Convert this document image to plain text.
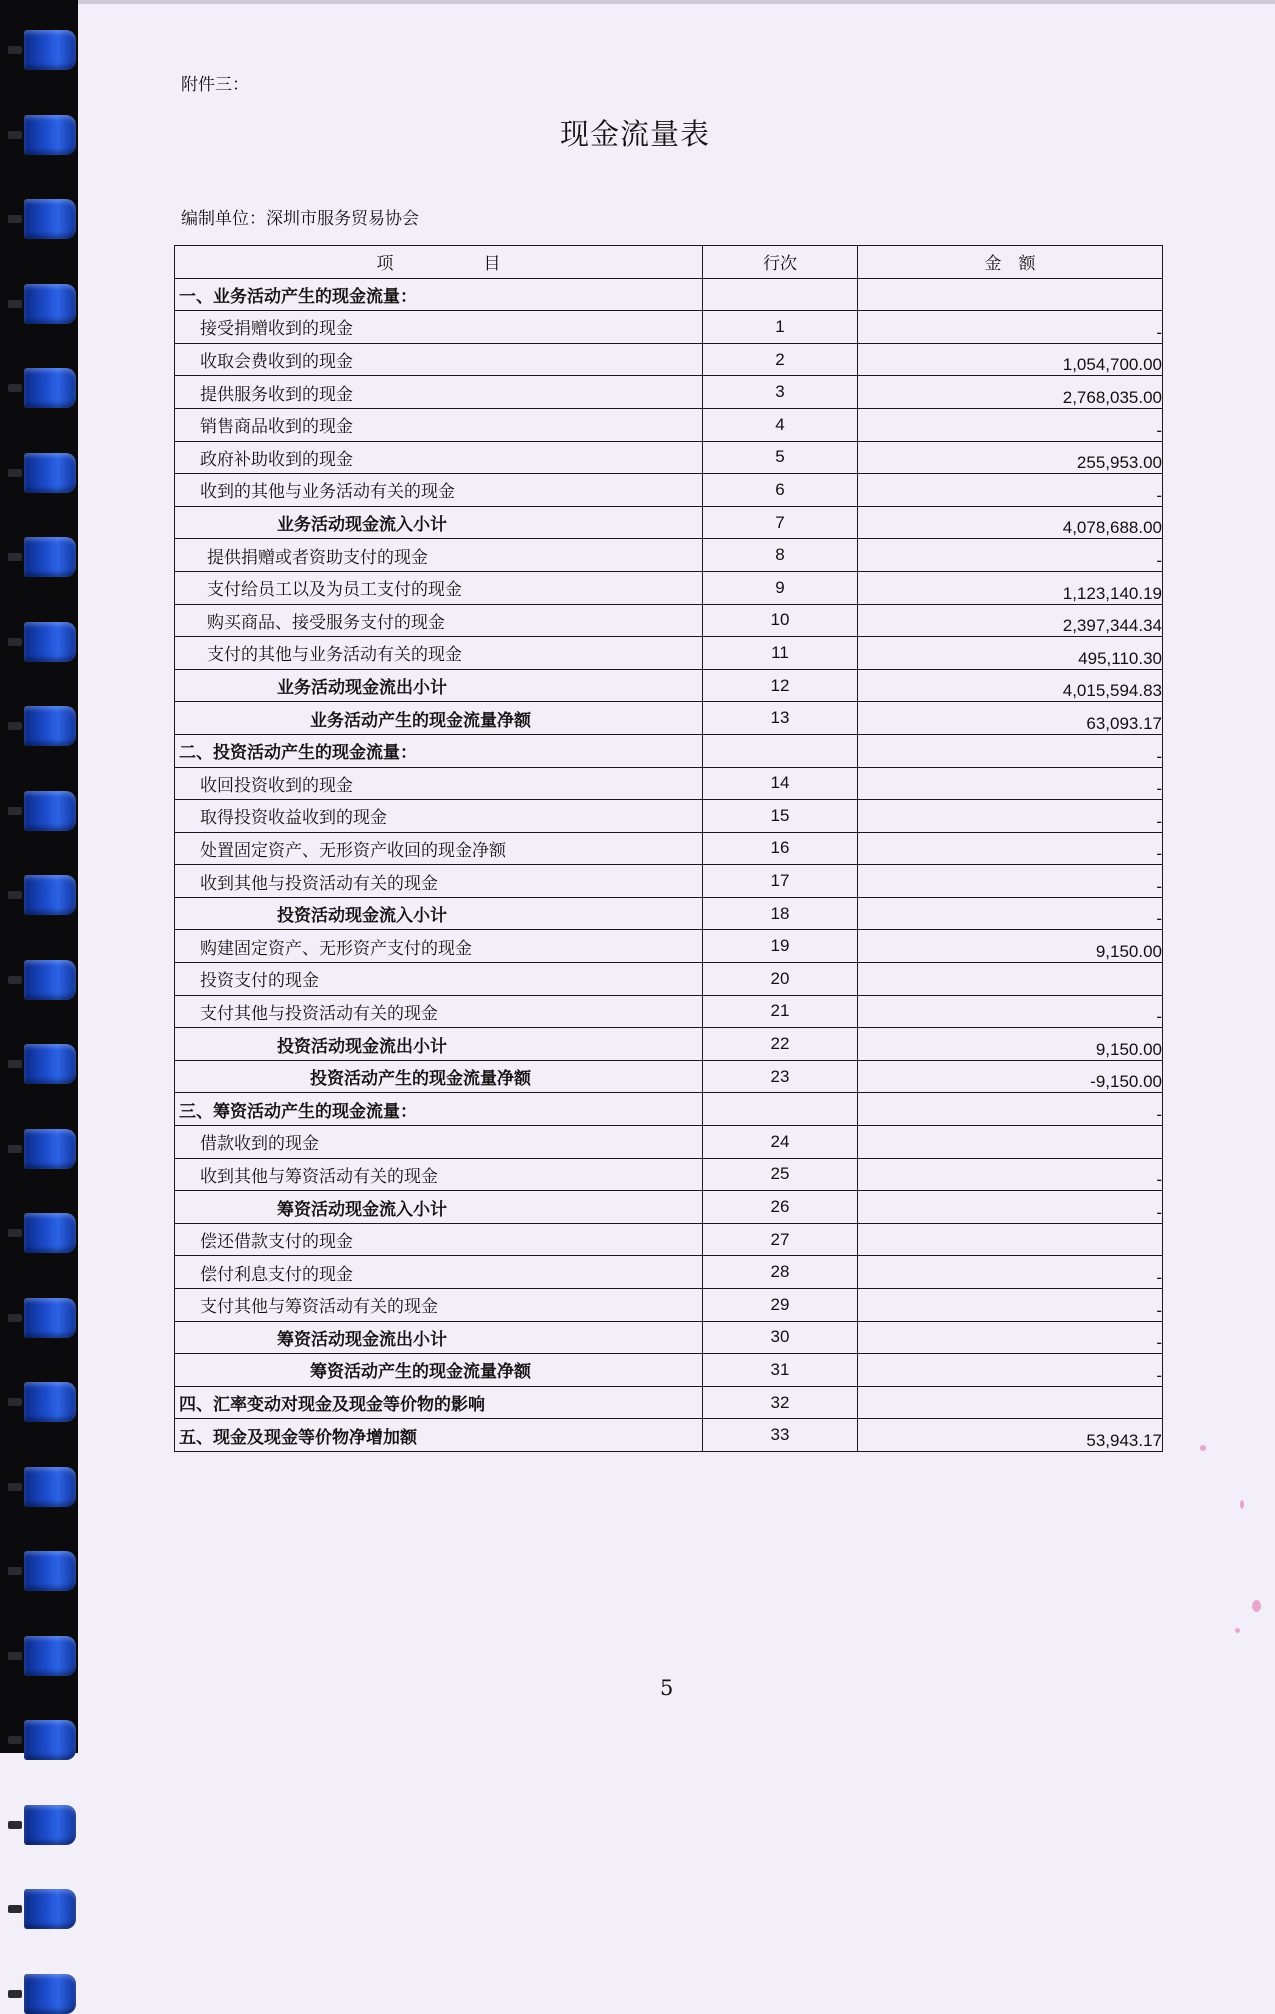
附件三：
现金流量表
编制单位：深圳市服务贸易协会
项 目	行次	金　额
一、业务活动产生的现金流量：		
接受捐赠收到的现金	1	-
收取会费收到的现金	2	1,054,700.00
提供服务收到的现金	3	2,768,035.00
销售商品收到的现金	4	-
政府补助收到的现金	5	255,953.00
收到的其他与业务活动有关的现金	6	-
业务活动现金流入小计	7	4,078,688.00
提供捐赠或者资助支付的现金	8	-
支付给员工以及为员工支付的现金	9	1,123,140.19
购买商品、接受服务支付的现金	10	2,397,344.34
支付的其他与业务活动有关的现金	11	495,110.30
业务活动现金流出小计	12	4,015,594.83
业务活动产生的现金流量净额	13	63,093.17
二、投资活动产生的现金流量：		-
收回投资收到的现金	14	-
取得投资收益收到的现金	15	-
处置固定资产、无形资产收回的现金净额	16	-
收到其他与投资活动有关的现金	17	-
投资活动现金流入小计	18	-
购建固定资产、无形资产支付的现金	19	9,150.00
投资支付的现金	20	
支付其他与投资活动有关的现金	21	-
投资活动现金流出小计	22	9,150.00
投资活动产生的现金流量净额	23	-9,150.00
三、筹资活动产生的现金流量：		-
借款收到的现金	24	
收到其他与筹资活动有关的现金	25	-
筹资活动现金流入小计	26	-
偿还借款支付的现金	27	
偿付利息支付的现金	28	-
支付其他与筹资活动有关的现金	29	-
筹资活动现金流出小计	30	-
筹资活动产生的现金流量净额	31	-
四、汇率变动对现金及现金等价物的影响	32	
五、现金及现金等价物净增加额	33	53,943.17
5
